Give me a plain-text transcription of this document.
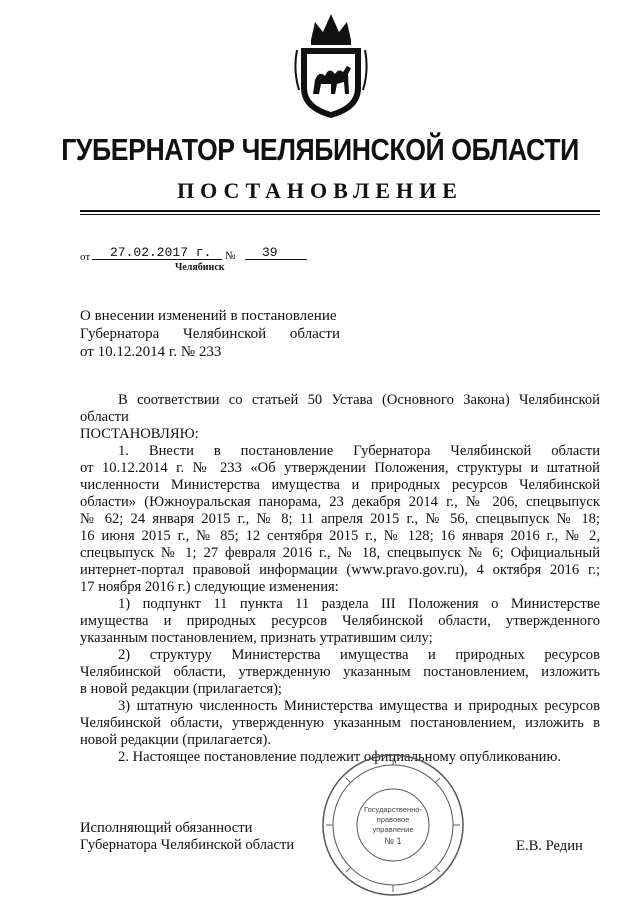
ГУБЕРНАТОР ЧЕЛЯБИНСКОЙ ОБЛАСТИ
ПОСТАНОВЛЕНИЕ
от 27.02.2017 г. № 39
Челябинск
О внесении изменений в постановление
Губернатора Челябинской области
от 10.12.2014 г. № 233
В соответствии со статьей 50 Устава (Основного Закона) Челябинской
области
ПОСТАНОВЛЯЮ:
1. Внести в постановление Губернатора Челябинской области
от 10.12.2014 г. № 233 «Об утверждении Положения, структуры и штатной
численности Министерства имущества и природных ресурсов Челябинской
области» (Южноуральская панорама, 23 декабря 2014 г., № 206, спецвыпуск
№ 62; 24 января 2015 г., № 8; 11 апреля 2015 г., № 56, спецвыпуск № 18;
16 июня 2015 г., № 85; 12 сентября 2015 г., № 128; 16 января 2016 г., № 2,
спецвыпуск № 1; 27 февраля 2016 г., № 18, спецвыпуск № 6; Официальный
интернет-портал правовой информации (www.pravo.gov.ru), 4 октября 2016 г.;
17 ноября 2016 г.) следующие изменения:
1) подпункт 11 пункта 11 раздела III Положения о Министерстве
имущества и природных ресурсов Челябинской области, утвержденного
указанным постановлением, признать утратившим силу;
2) структуру Министерства имущества и природных ресурсов
Челябинской области, утвержденную указанным постановлением, изложить
в новой редакции (прилагается);
3) штатную численность Министерства имущества и природных ресурсов
Челябинской области, утвержденную указанным постановлением, изложить в
новой редакции (прилагается).
2. Настоящее постановление подлежит официальному опубликованию.
Исполняющий обязанности
Губернатора Челябинской области	Е.В. Редин
Государственно-
правовое
управление
№ 1
